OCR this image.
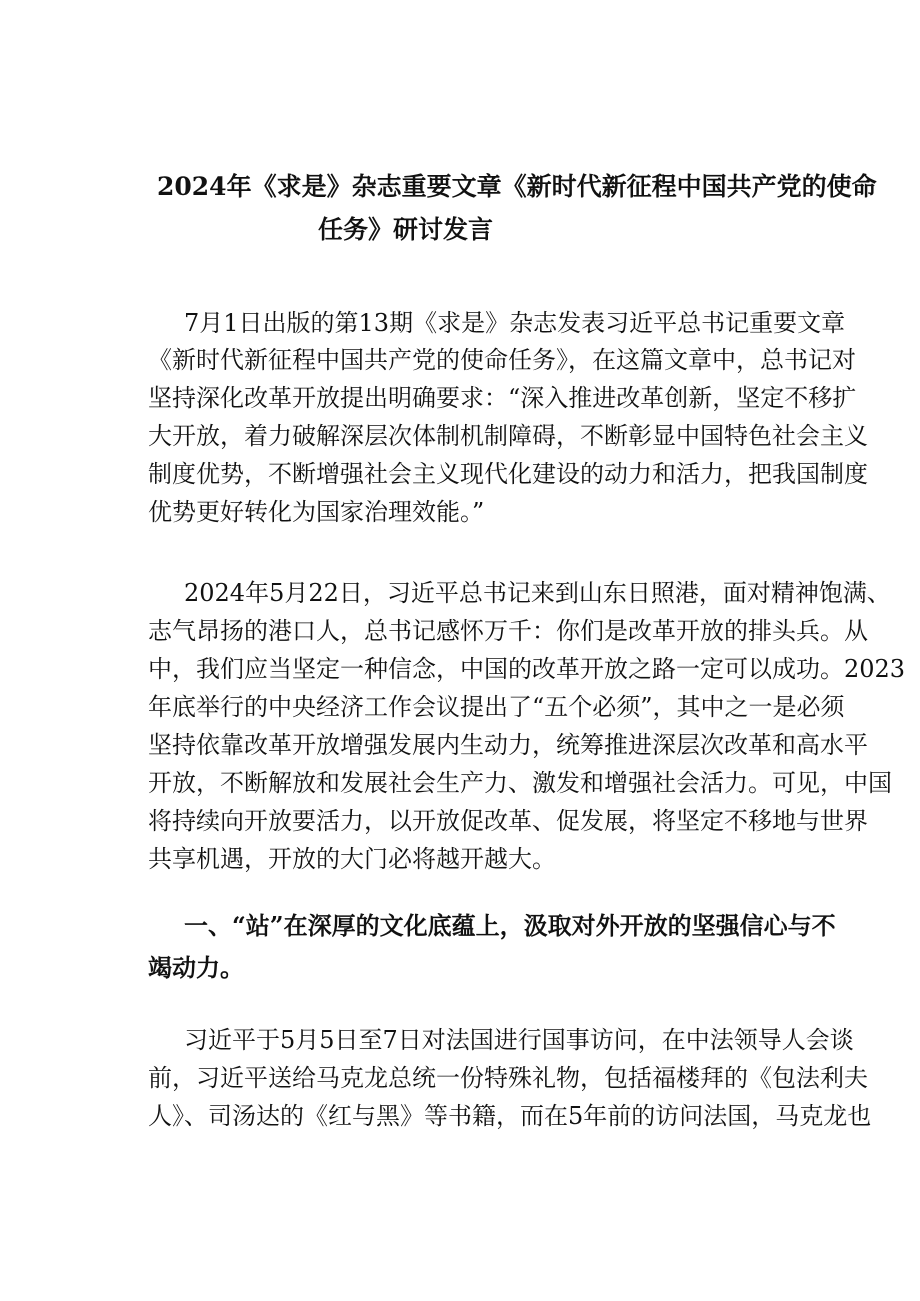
2024年《求是》杂志重要文章《新时代新征程中国共产党的使命
任务》研讨发言
7月1日出版的第13期《求是》杂志发表习近平总书记重要文章
《新时代新征程中国共产党的使命任务》，在这篇文章中，总书记对
坚持深化改革开放提出明确要求：“深入推进改革创新，坚定不移扩
大开放，着力破解深层次体制机制障碍，不断彰显中国特色社会主义
制度优势，不断增强社会主义现代化建设的动力和活力，把我国制度
优势更好转化为国家治理效能。”
2024年5月22日，习近平总书记来到山东日照港，面对精神饱满、
志气昂扬的港口人，总书记感怀万千：你们是改革开放的排头兵。从
中，我们应当坚定一种信念，中国的改革开放之路一定可以成功。2023
年底举行的中央经济工作会议提出了“五个必须”，其中之一是必须
坚持依靠改革开放增强发展内生动力，统筹推进深层次改革和高水平
开放，不断解放和发展社会生产力、激发和增强社会活力。可见，中国
将持续向开放要活力，以开放促改革、促发展，将坚定不移地与世界
共享机遇，开放的大门必将越开越大。
一、“站”在深厚的文化底蕴上，汲取对外开放的坚强信心与不
竭动力。
习近平于5月5日至7日对法国进行国事访问，在中法领导人会谈
前，习近平送给马克龙总统一份特殊礼物，包括福楼拜的《包法利夫
人》、司汤达的《红与黑》等书籍，而在5年前的访问法国，马克龙也
